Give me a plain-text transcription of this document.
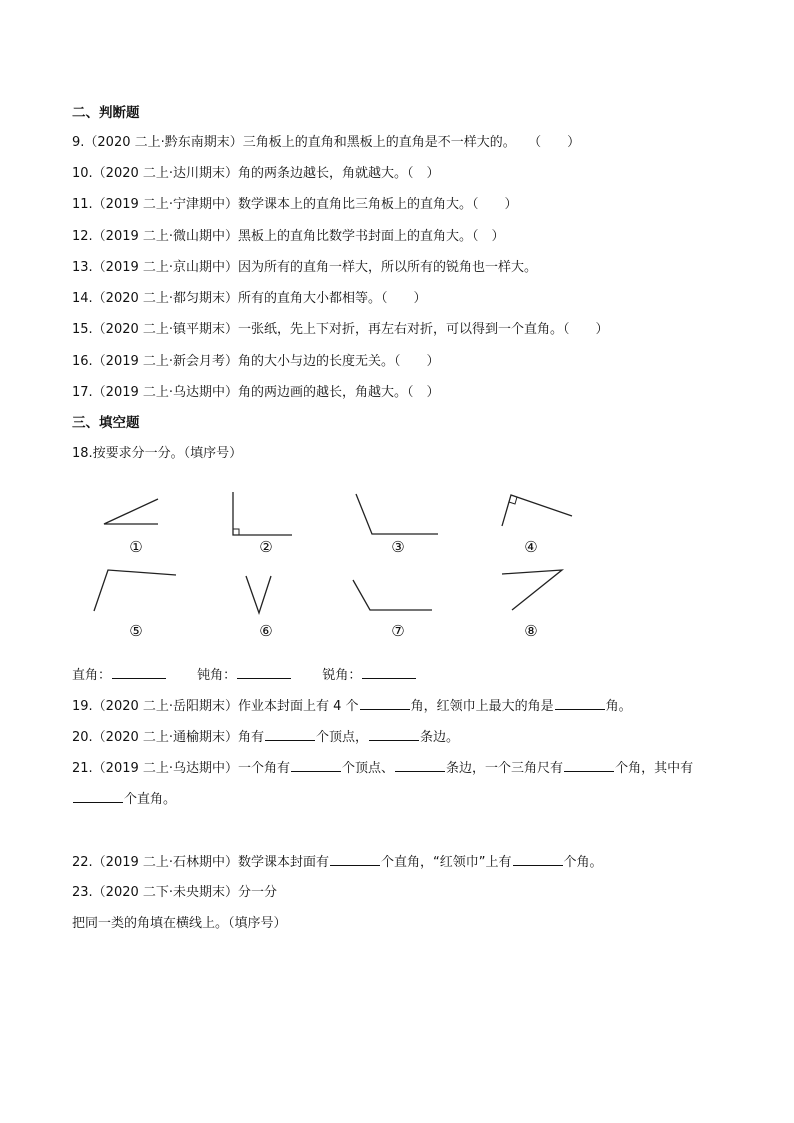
二、判断题
9.（2020 二上·黔东南期末）三角板上的直角和黑板上的直角是不一样大的。 （　　）
10.（2020 二上·达川期末）角的两条边越长，角就越大。（　）
11.（2019 二上·宁津期中）数学课本上的直角比三角板上的直角大。（　　）
12.（2019 二上·微山期中）黑板上的直角比数学书封面上的直角大。（　）
13.（2019 二上·京山期中）因为所有的直角一样大，所以所有的锐角也一样大。
14.（2020 二上·都匀期末）所有的直角大小都相等。（　　）
15.（2020 二上·镇平期末）一张纸，先上下对折，再左右对折，可以得到一个直角。（　　）
16.（2019 二上·新会月考）角的大小与边的长度无关。（　　）
17.（2019 二上·乌达期中）角的两边画的越长，角越大。（　）
三、填空题
18.按要求分一分。（填序号）
①	②	③	④
⑤	⑥	⑦	⑧
直角：	钝角：	锐角：
19.（2020 二上·岳阳期末）作业本封面上有 4 个	角，红领巾上最大的角是	角。
20.（2020 二上·通榆期末）角有	个顶点，	条边。
21.（2019 二上·乌达期中）一个角有	个顶点、	条边，一个三角尺有	个角，其中有
个直角。
22.（2019 二上·石林期中）数学课本封面有	个直角，“红领巾”上有	个角。
23.（2020 二下·未央期末）分一分
把同一类的角填在横线上。（填序号）
